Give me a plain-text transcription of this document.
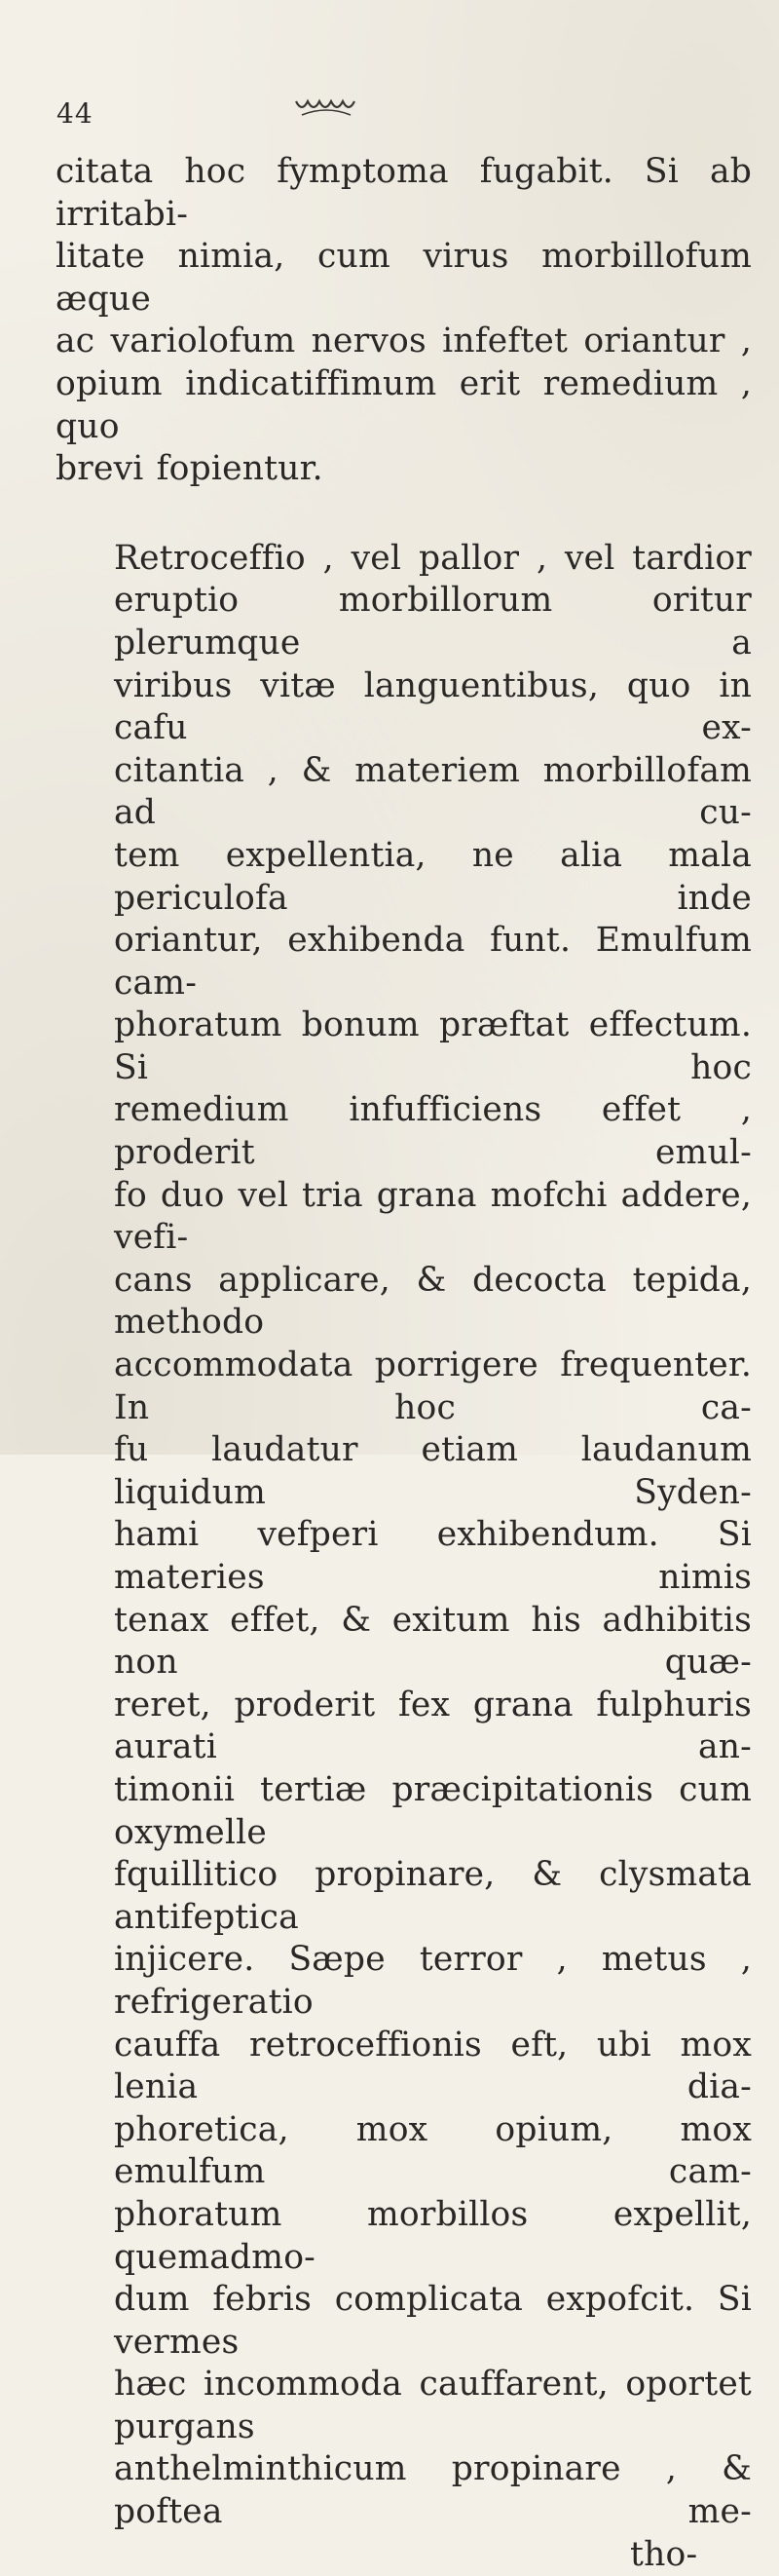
44

citata hoc fymptoma fugabit. Si ab irritabi-
litate nimia, cum virus morbillofum æque
ac variolofum nervos infeftet oriantur ,
opium indicatiffimum erit remedium , quo
brevi fopientur.

Retroceffio , vel pallor , vel tardior
eruptio morbillorum oritur plerumque a
viribus vitæ languentibus, quo in cafu ex-
citantia , & materiem morbillofam ad cu-
tem expellentia, ne alia mala periculofa inde
oriantur, exhibenda funt. Emulfum cam-
phoratum bonum præftat effectum. Si hoc
remedium infufficiens effet , proderit emul-
fo duo vel tria grana mofchi addere, vefi-
cans applicare, & decocta tepida, methodo
accommodata porrigere frequenter. In hoc ca-
fu laudatur etiam laudanum liquidum Syden-
hami vefperi exhibendum. Si materies nimis
tenax effet, & exitum his adhibitis non quæ-
reret, proderit fex grana fulphuris aurati an-
timonii tertiæ præcipitationis cum oxymelle
fquillitico propinare, & clysmata antifeptica
injicere. Sæpe terror , metus , refrigeratio
cauffa retroceffionis eft, ubi mox lenia dia-
phoretica, mox opium, mox emulfum cam-
phoratum morbillos expellit, quemadmo-
dum febris complicata expofcit. Si vermes
hæc incommoda cauffarent, oportet purgans
anthelminthicum propinare , & poftea me-
tho-
